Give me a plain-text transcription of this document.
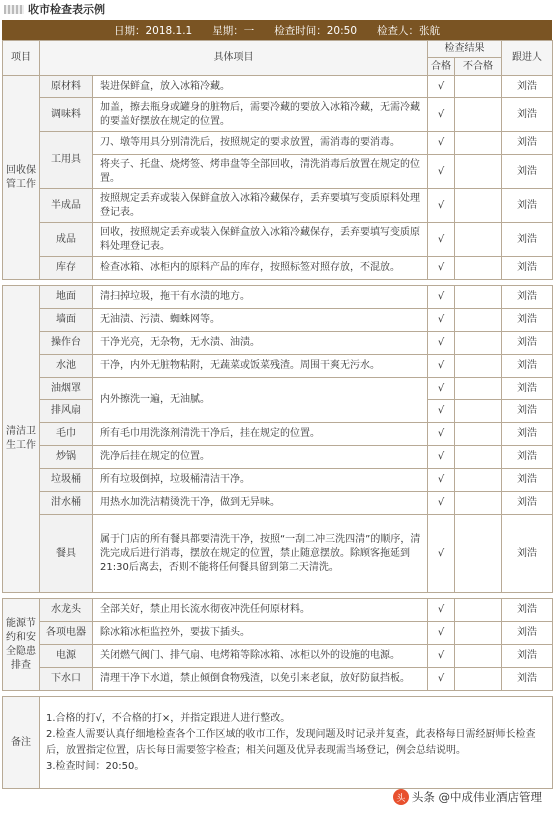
收市检查表示例
日期：2018.1.1 星期：一 检查时间：20:50 检查人：张航
项目	具体项目		检查结果		跟进人
			合格	不合格	
回收保管工作	原材料	装进保鲜盒，放入冰箱冷藏。	√		刘浩
	调味料	加盖，擦去瓶身或罐身的脏物后，需要冷藏的要放入冰箱冷藏，无需冷藏的要盖好摆放在规定的位置。	√		刘浩
	工用具	刀、墩等用具分别清洗后，按照规定的要求放置，需消毒的要消毒。	√		刘浩
		将夹子、托盘、烧烤签、烤串盘等全部回收，清洗消毒后放置在规定的位置。	√		刘浩
	半成品	按照规定丢弃或装入保鲜盒放入冰箱冷藏保存，丢弃要填写变质原料处理登记表。	√		刘浩
	成品	回收，按照规定丢弃或装入保鲜盒放入冰箱冷藏保存，丢弃要填写变质原料处理登记表。	√		刘浩
	库存	检查冰箱、冰柜内的原料产品的库存，按照标签对照存放，不混放。	√		刘浩

清洁卫生工作	地面	清扫掉垃圾，拖干有水渍的地方。	√		刘浩
	墙面	无油渍、污渍、蜘蛛网等。	√		刘浩
	操作台	干净光亮，无杂物，无水渍、油渍。	√		刘浩
	水池	干净，内外无脏物粘附，无蔬菜或饭菜残渣。周围干爽无污水。	√		刘浩
	油烟罩	内外擦洗一遍，无油腻。	√		刘浩
	排风扇		√		刘浩
	毛巾	所有毛巾用洗涤剂清洗干净后，挂在规定的位置。	√		刘浩
	炒锅	洗净后挂在规定的位置。	√		刘浩
	垃圾桶	所有垃圾倒掉，垃圾桶清洁干净。	√		刘浩
	泔水桶	用热水加洗洁精烫洗干净，做到无异味。	√		刘浩
	餐具	属于门店的所有餐具都要清洗干净，按照“一刮二冲三洗四清”的顺序，清洗完成后进行消毒，摆放在规定的位置，禁止随意摆放。除顾客拖延到21:30后离去，否则不能将任何餐具留到第二天清洗。	√		刘浩

能源节约和安全隐患排查	水龙头	全部关好，禁止用长流水彻夜冲洗任何原材料。	√		刘浩
	各项电器	除冰箱冰柜监控外，要拔下插头。	√		刘浩
	电源	关闭燃气阀门、排气扇、电烤箱等除冰箱、冰柜以外的设施的电源。	√		刘浩
	下水口	清理干净下水道，禁止倾倒食物残渣，以免引来老鼠，放好防鼠挡板。	√		刘浩

备注	1.合格的打√，不合格的打×，并指定跟进人进行整改。
2.检查人需要认真仔细地检查各个工作区域的收市工作，发现问题及时记录并复查，此表格每日需经厨师长检查后，放置指定位置，店长每日需要签字检查；相关问题及优异表现需当场登记，例会总结说明。
3.检查时间：20:50。				
头 头条 @中成伟业酒店管理
